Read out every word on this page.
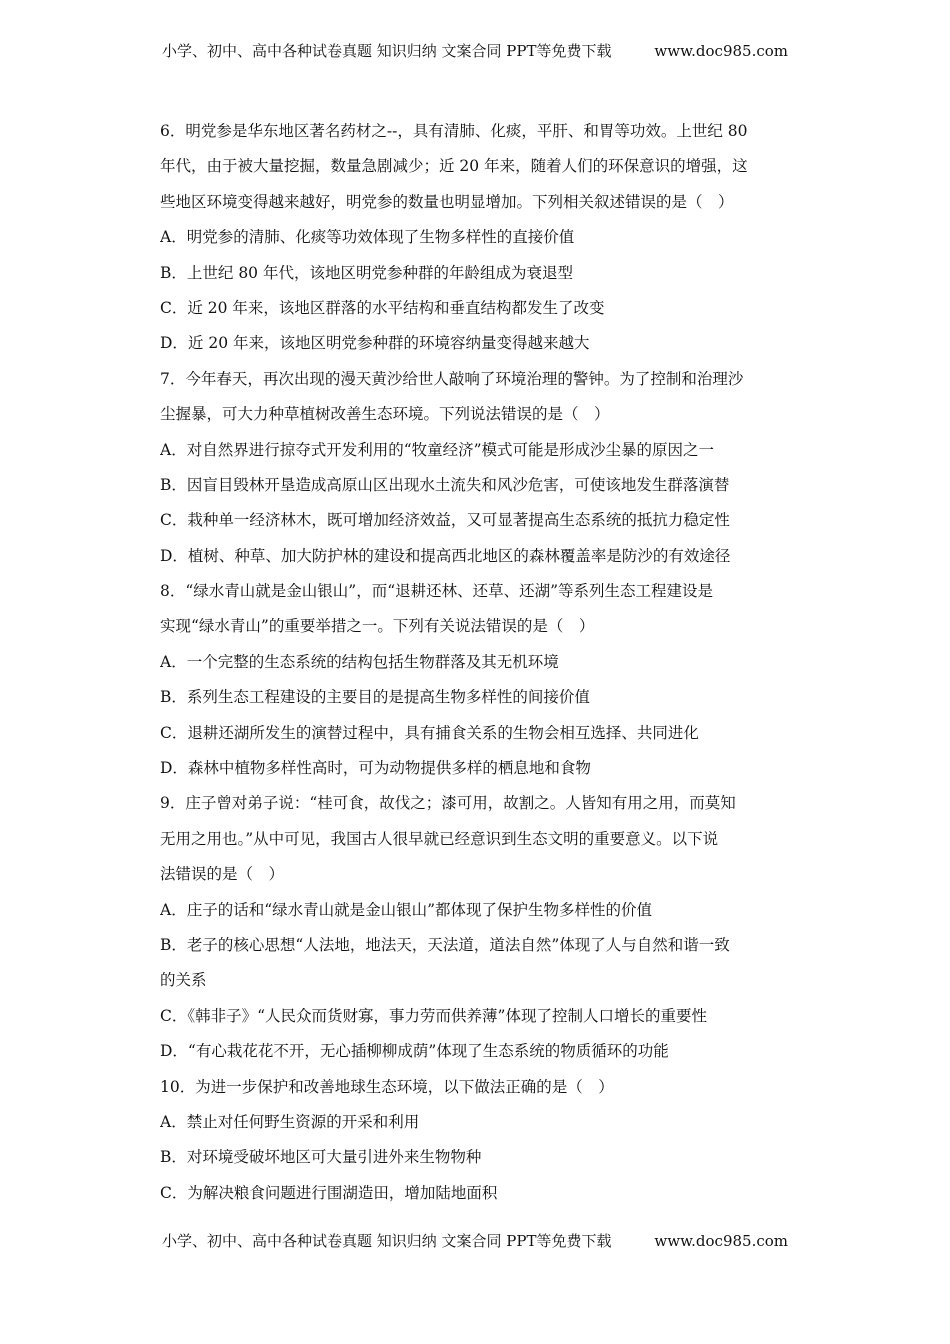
小学、初中、高中各种试卷真题 知识归纳 文案合同 PPT等免费下载	www.doc985.com
6．明党参是华东地区著名药材之--，具有清肺、化痰，平肝、和胃等功效。上世纪 80
年代，由于被大量挖掘，数量急剧减少；近 20 年来，随着人们的环保意识的增强，这
些地区环境变得越来越好，明党参的数量也明显增加。下列相关叙述错误的是（　）
A．明党参的清肺、化痰等功效体现了生物多样性的直接价值
B．上世纪 80 年代，该地区明党参种群的年龄组成为衰退型
C．近 20 年来，该地区群落的水平结构和垂直结构都发生了改变
D．近 20 年来，该地区明党参种群的环境容纳量变得越来越大
7．今年春天，再次出现的漫天黄沙给世人敲响了环境治理的警钟。为了控制和治理沙
尘握暴，可大力种草植树改善生态环境。下列说法错误的是（　）
A．对自然界进行掠夺式开发利用的“牧童经济”模式可能是形成沙尘暴的原因之一
B．因盲目毁林开垦造成高原山区出现水土流失和风沙危害，可使该地发生群落演替
C．栽种单一经济林木，既可增加经济效益，又可显著提高生态系统的抵抗力稳定性
D．植树、种草、加大防护林的建设和提高西北地区的森林覆盖率是防沙的有效途径
8．“绿水青山就是金山银山”，而“退耕还林、还草、还湖”等系列生态工程建设是
实现“绿水青山”的重要举措之一。下列有关说法错误的是（　）
A．一个完整的生态系统的结构包括生物群落及其无机环境
B．系列生态工程建设的主要目的是提高生物多样性的间接价值
C．退耕还湖所发生的演替过程中，具有捕食关系的生物会相互选择、共同进化
D．森林中植物多样性高时，可为动物提供多样的栖息地和食物
9．庄子曾对弟子说：“桂可食，故伐之；漆可用，故割之。人皆知有用之用，而莫知
无用之用也。”从中可见，我国古人很早就已经意识到生态文明的重要意义。以下说
法错误的是（　）
A．庄子的话和“绿水青山就是金山银山”都体现了保护生物多样性的价值
B．老子的核心思想“人法地，地法天，天法道，道法自然”体现了人与自然和谐一致
的关系
C．《韩非子》“人民众而货财寡，事力劳而供养薄”体现了控制人口增长的重要性
D．“有心栽花花不开，无心插柳柳成荫”体现了生态系统的物质循环的功能
10．为进一步保护和改善地球生态环境，以下做法正确的是（　）
A．禁止对任何野生资源的开采和利用
B．对环境受破坏地区可大量引进外来生物物种
C．为解决粮食问题进行围湖造田，增加陆地面积
小学、初中、高中各种试卷真题 知识归纳 文案合同 PPT等免费下载	www.doc985.com
